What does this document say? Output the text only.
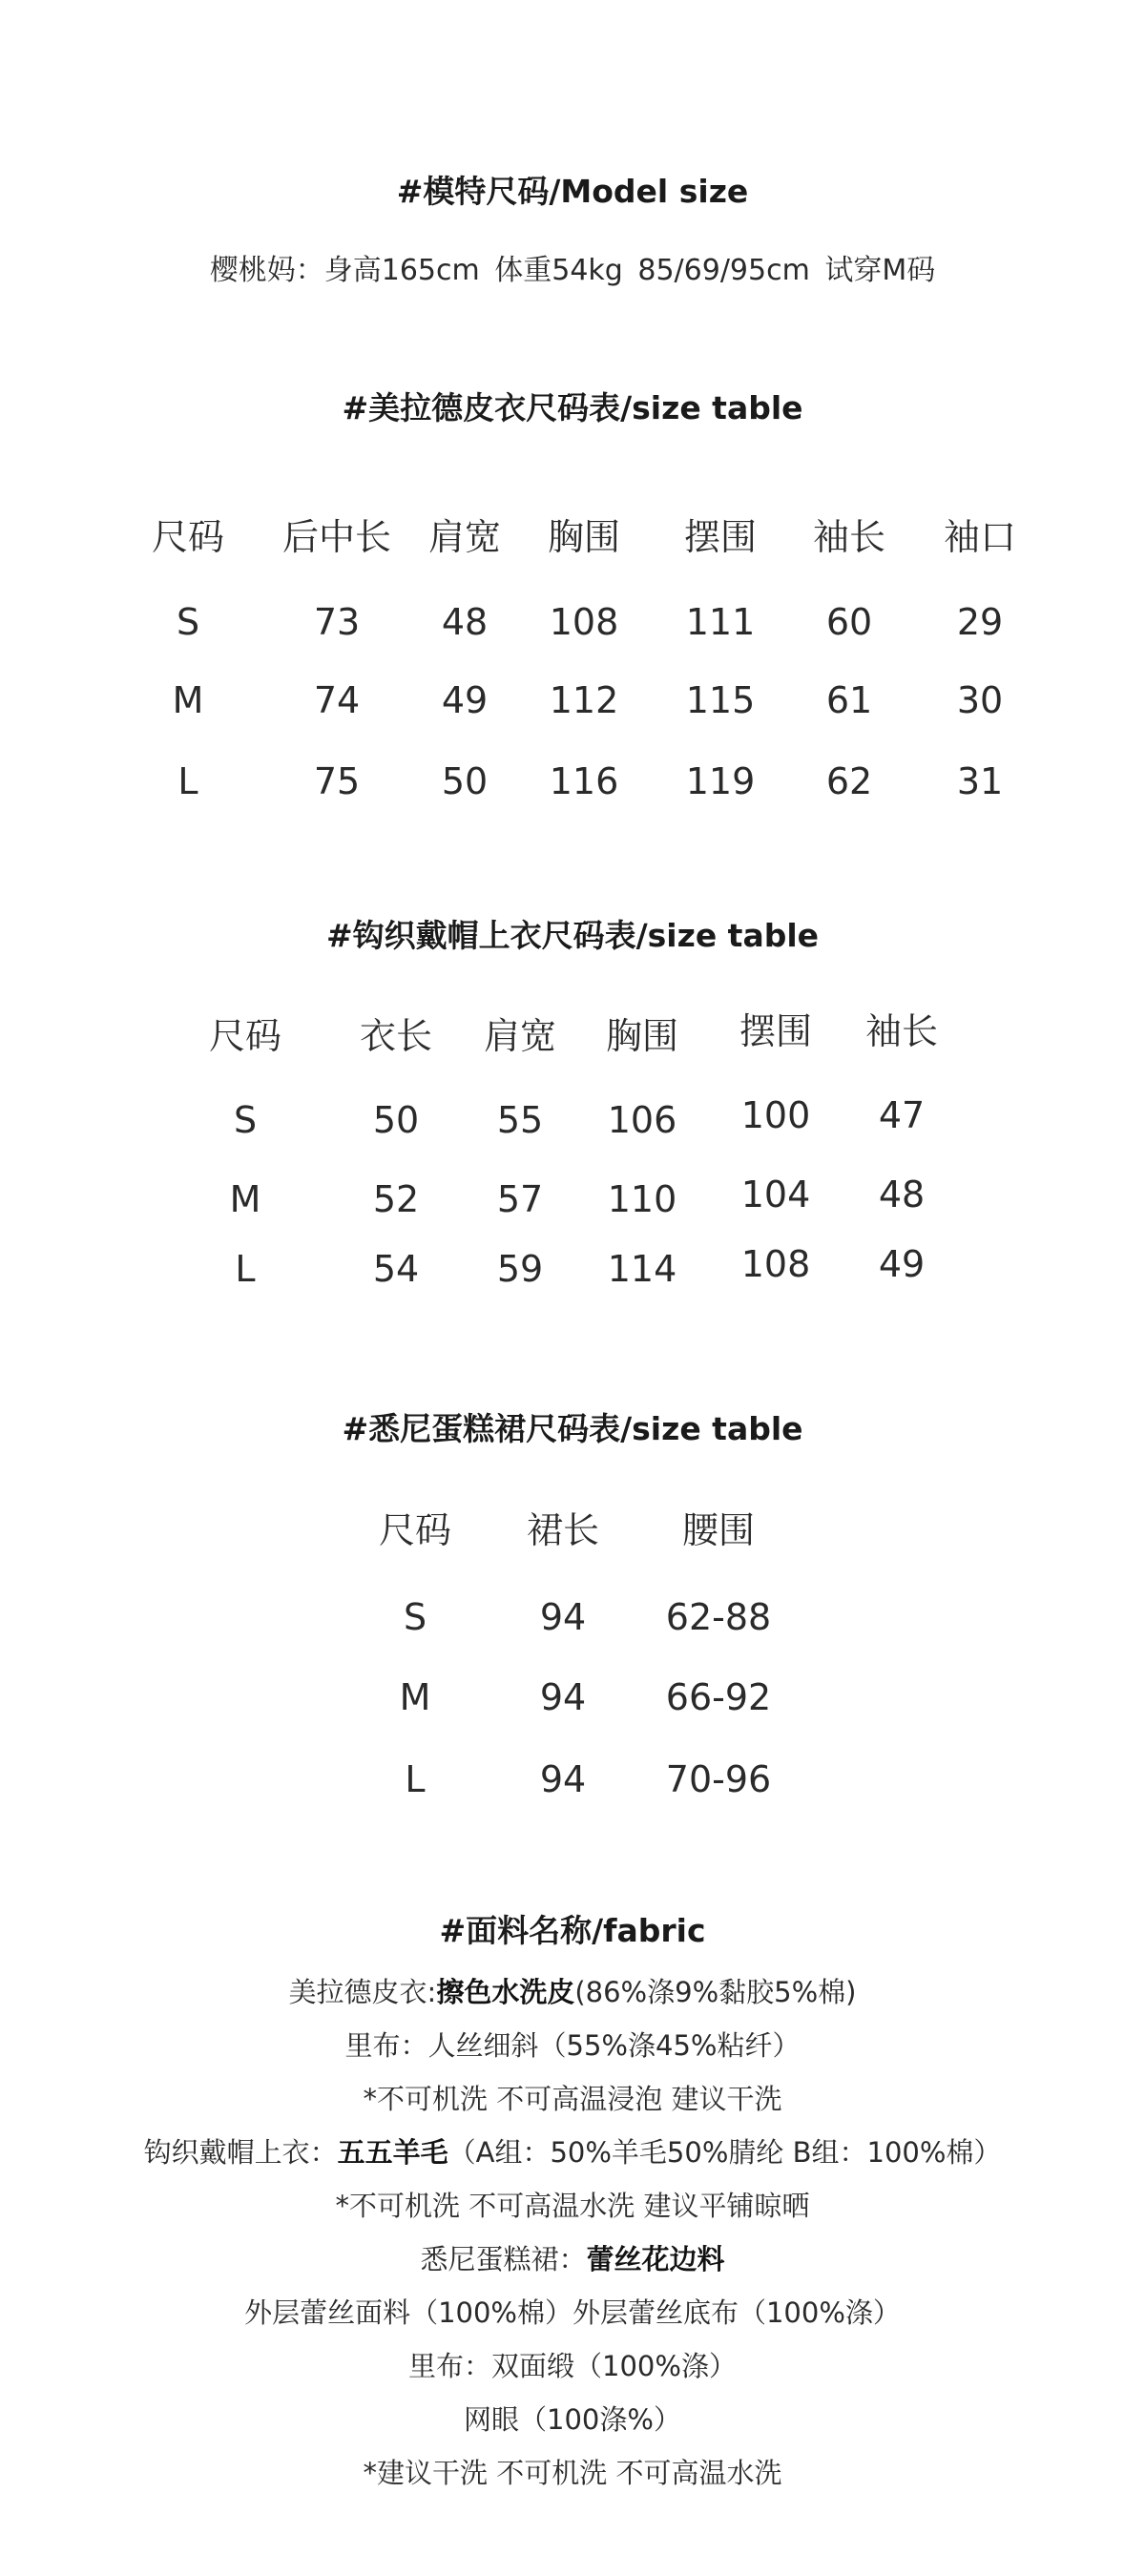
#模特尺码/Model size
樱桃妈：身高165cm 体重54kg 85/69/95cm 试穿M码
#美拉德皮衣尺码表/size table
尺码 后中长 肩宽 胸围 摆围 袖长 袖口
S	73 48 108 111 60 29
M	74 49 112 115 61 30
L	75 50 116 119 62 31
#钩织戴帽上衣尺码表/size table
尺码 衣长 肩宽 胸围 摆围 袖长
S	50 55 106 100 47
M	52 57 110 104 48
L	54 59 114 108 49
#悉尼蛋糕裙尺码表/size table
尺码 裙长 腰围
S	94 62-88
M	94 66-92
L	94 70-96
#面料名称/fabric
美拉德皮衣:擦色水洗皮(86%涤9%黏胶5%棉)
里布：人丝细斜（55%涤45%粘纤）
*不可机洗 不可高温浸泡 建议干洗
钩织戴帽上衣：五五羊毛（A组：50%羊毛50%腈纶 B组：100%棉）
*不可机洗 不可高温水洗 建议平铺晾晒
悉尼蛋糕裙：蕾丝花边料
外层蕾丝面料（100%棉）外层蕾丝底布（100%涤）
里布：双面缎（100%涤）
网眼（100涤%）
*建议干洗 不可机洗 不可高温水洗
